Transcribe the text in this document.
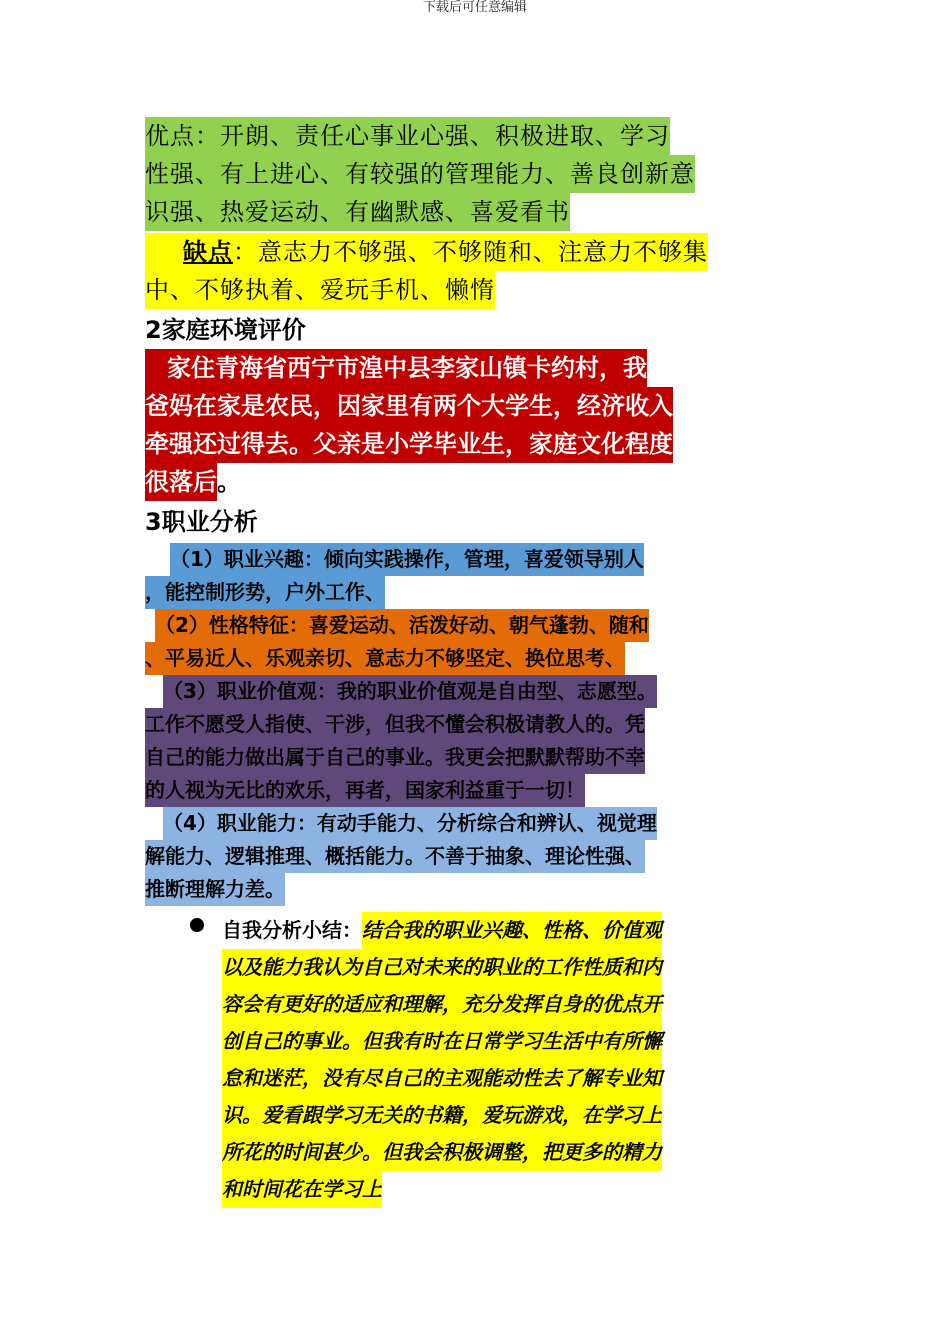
下载后可任意编辑
优点：开朗、责任心事业心强、积极进取、学习
性强、有上进心、有较强的管理能力、善良创新意
识强、热爱运动、有幽默感、喜爱看书
缺点：意志力不够强、不够随和、注意力不够集
中、不够执着、爱玩手机、懒惰
2家庭环境评价
家住青海省西宁市湟中县李家山镇卡约村，我
爸妈在家是农民，因家里有两个大学生，经济收入
牵强还过得去。父亲是小学毕业生，家庭文化程度
很落后。
3职业分析
（1）职业兴趣：倾向实践操作，管理，喜爱领导别人
，能控制形势，户外工作、
（2）性格特征：喜爱运动、活泼好动、朝气蓬勃、随和
、平易近人、乐观亲切、意志力不够坚定、换位思考、
（3）职业价值观：我的职业价值观是自由型、志愿型。
工作不愿受人指使、干涉，但我不懂会积极请教人的。凭
自己的能力做出属于自己的事业。我更会把默默帮助不幸
的人视为无比的欢乐，再者，国家利益重于一切！
（4）职业能力：有动手能力、分析综合和辨认、视觉理
解能力、逻辑推理、概括能力。不善于抽象、理论性强、
推断理解力差。
自我分析小结：结合我的职业兴趣、性格、价值观
以及能力我认为自己对未来的职业的工作性质和内
容会有更好的适应和理解，充分发挥自身的优点开
创自己的事业。但我有时在日常学习生活中有所懈
怠和迷茫，没有尽自己的主观能动性去了解专业知
识。爱看跟学习无关的书籍，爱玩游戏，在学习上
所花的时间甚少。但我会积极调整，把更多的精力
和时间花在学习上
